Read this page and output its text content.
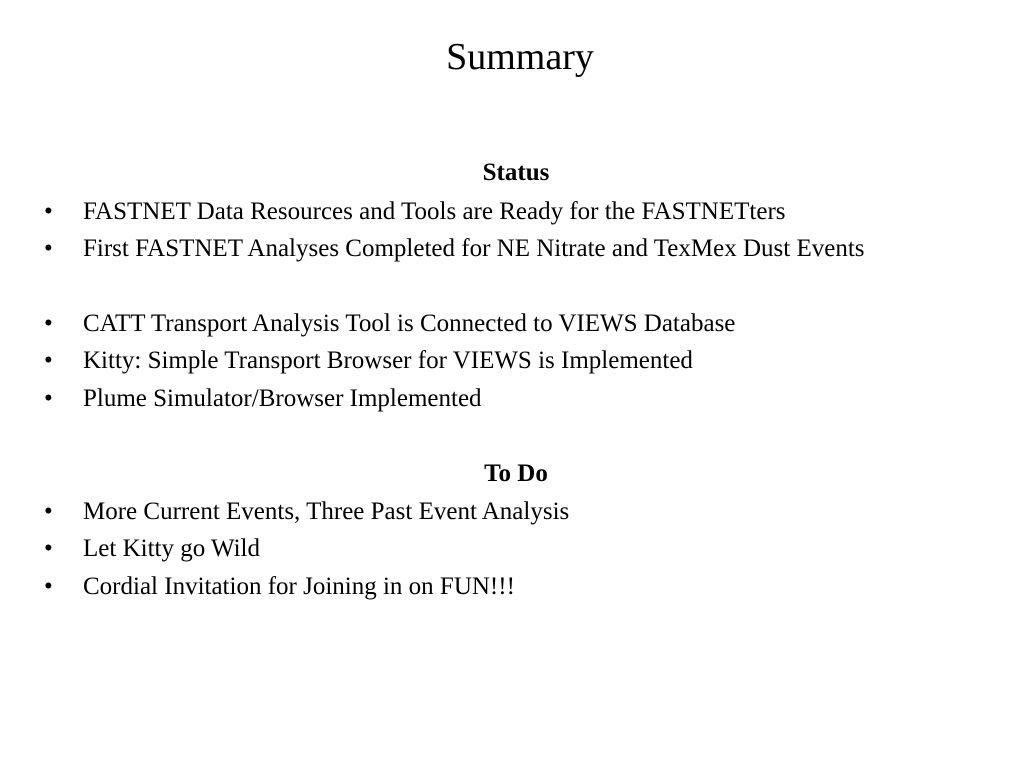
Summary
Status
•	FASTNET Data Resources and Tools are Ready for the FASTNETters
•	First FASTNET Analyses Completed for NE Nitrate and TexMex Dust Events
•	CATT Transport Analysis Tool is Connected to VIEWS Database
•	Kitty: Simple Transport Browser for VIEWS is Implemented
•	Plume Simulator/Browser Implemented
To Do
•	More Current Events, Three Past Event Analysis
•	Let Kitty go Wild
•	Cordial Invitation for Joining in on FUN!!!
